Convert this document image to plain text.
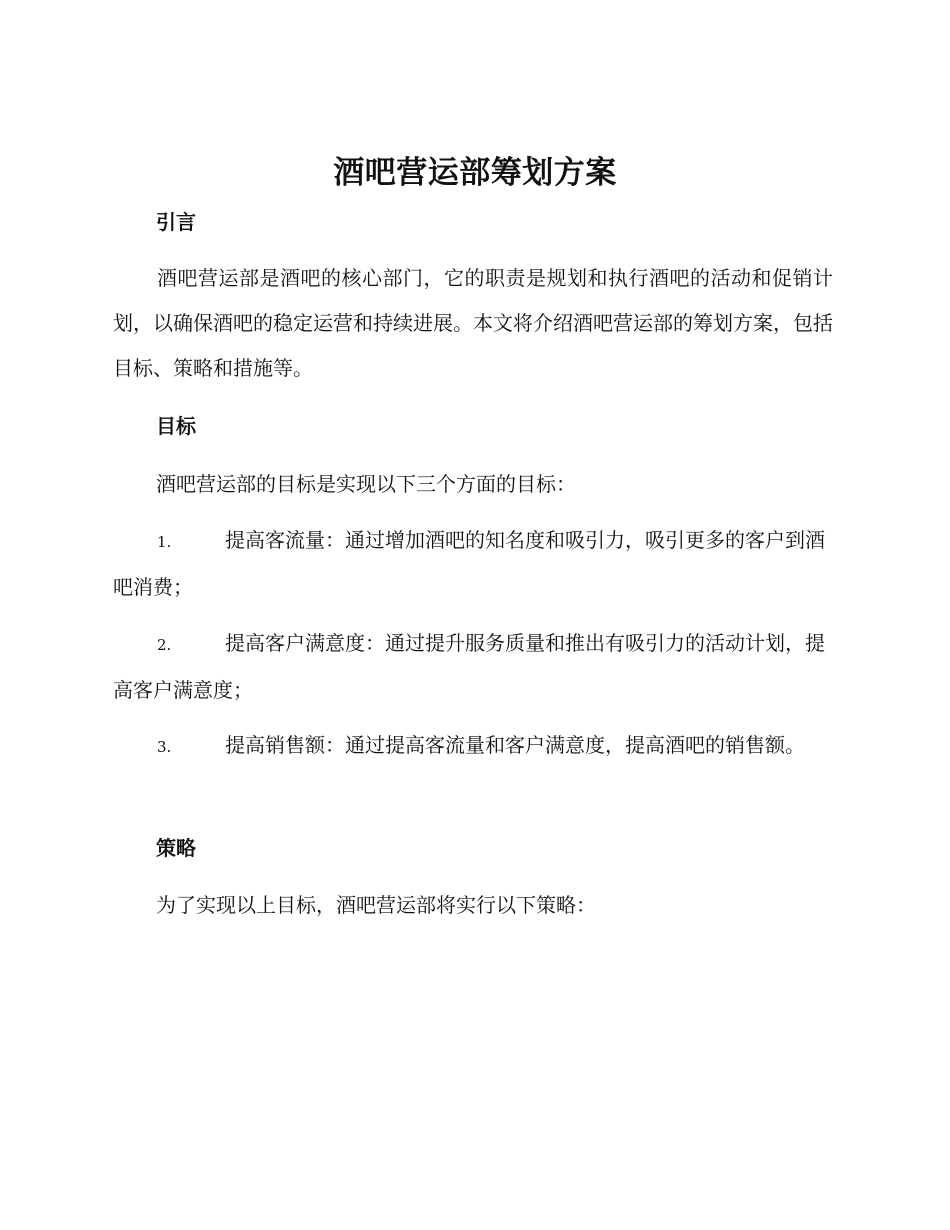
酒吧营运部筹划方案
引言

酒吧营运部是酒吧的核心部门，它的职责是规划和执行酒吧的活动和促销计划，以确保酒吧的稳定运营和持续进展。本文将介绍酒吧营运部的筹划方案，包括目标、策略和措施等。

目标
酒吧营运部的目标是实现以下三个方面的目标：

1.	提高客流量：通过增加酒吧的知名度和吸引力，吸引更多的客户到酒吧消费；

2.	提高客户满意度：通过提升服务质量和推出有吸引力的活动计划，提高客户满意度；

3.	提高销售额：通过提高客流量和客户满意度，提高酒吧的销售额。

策略
为了实现以上目标，酒吧营运部将实行以下策略：
